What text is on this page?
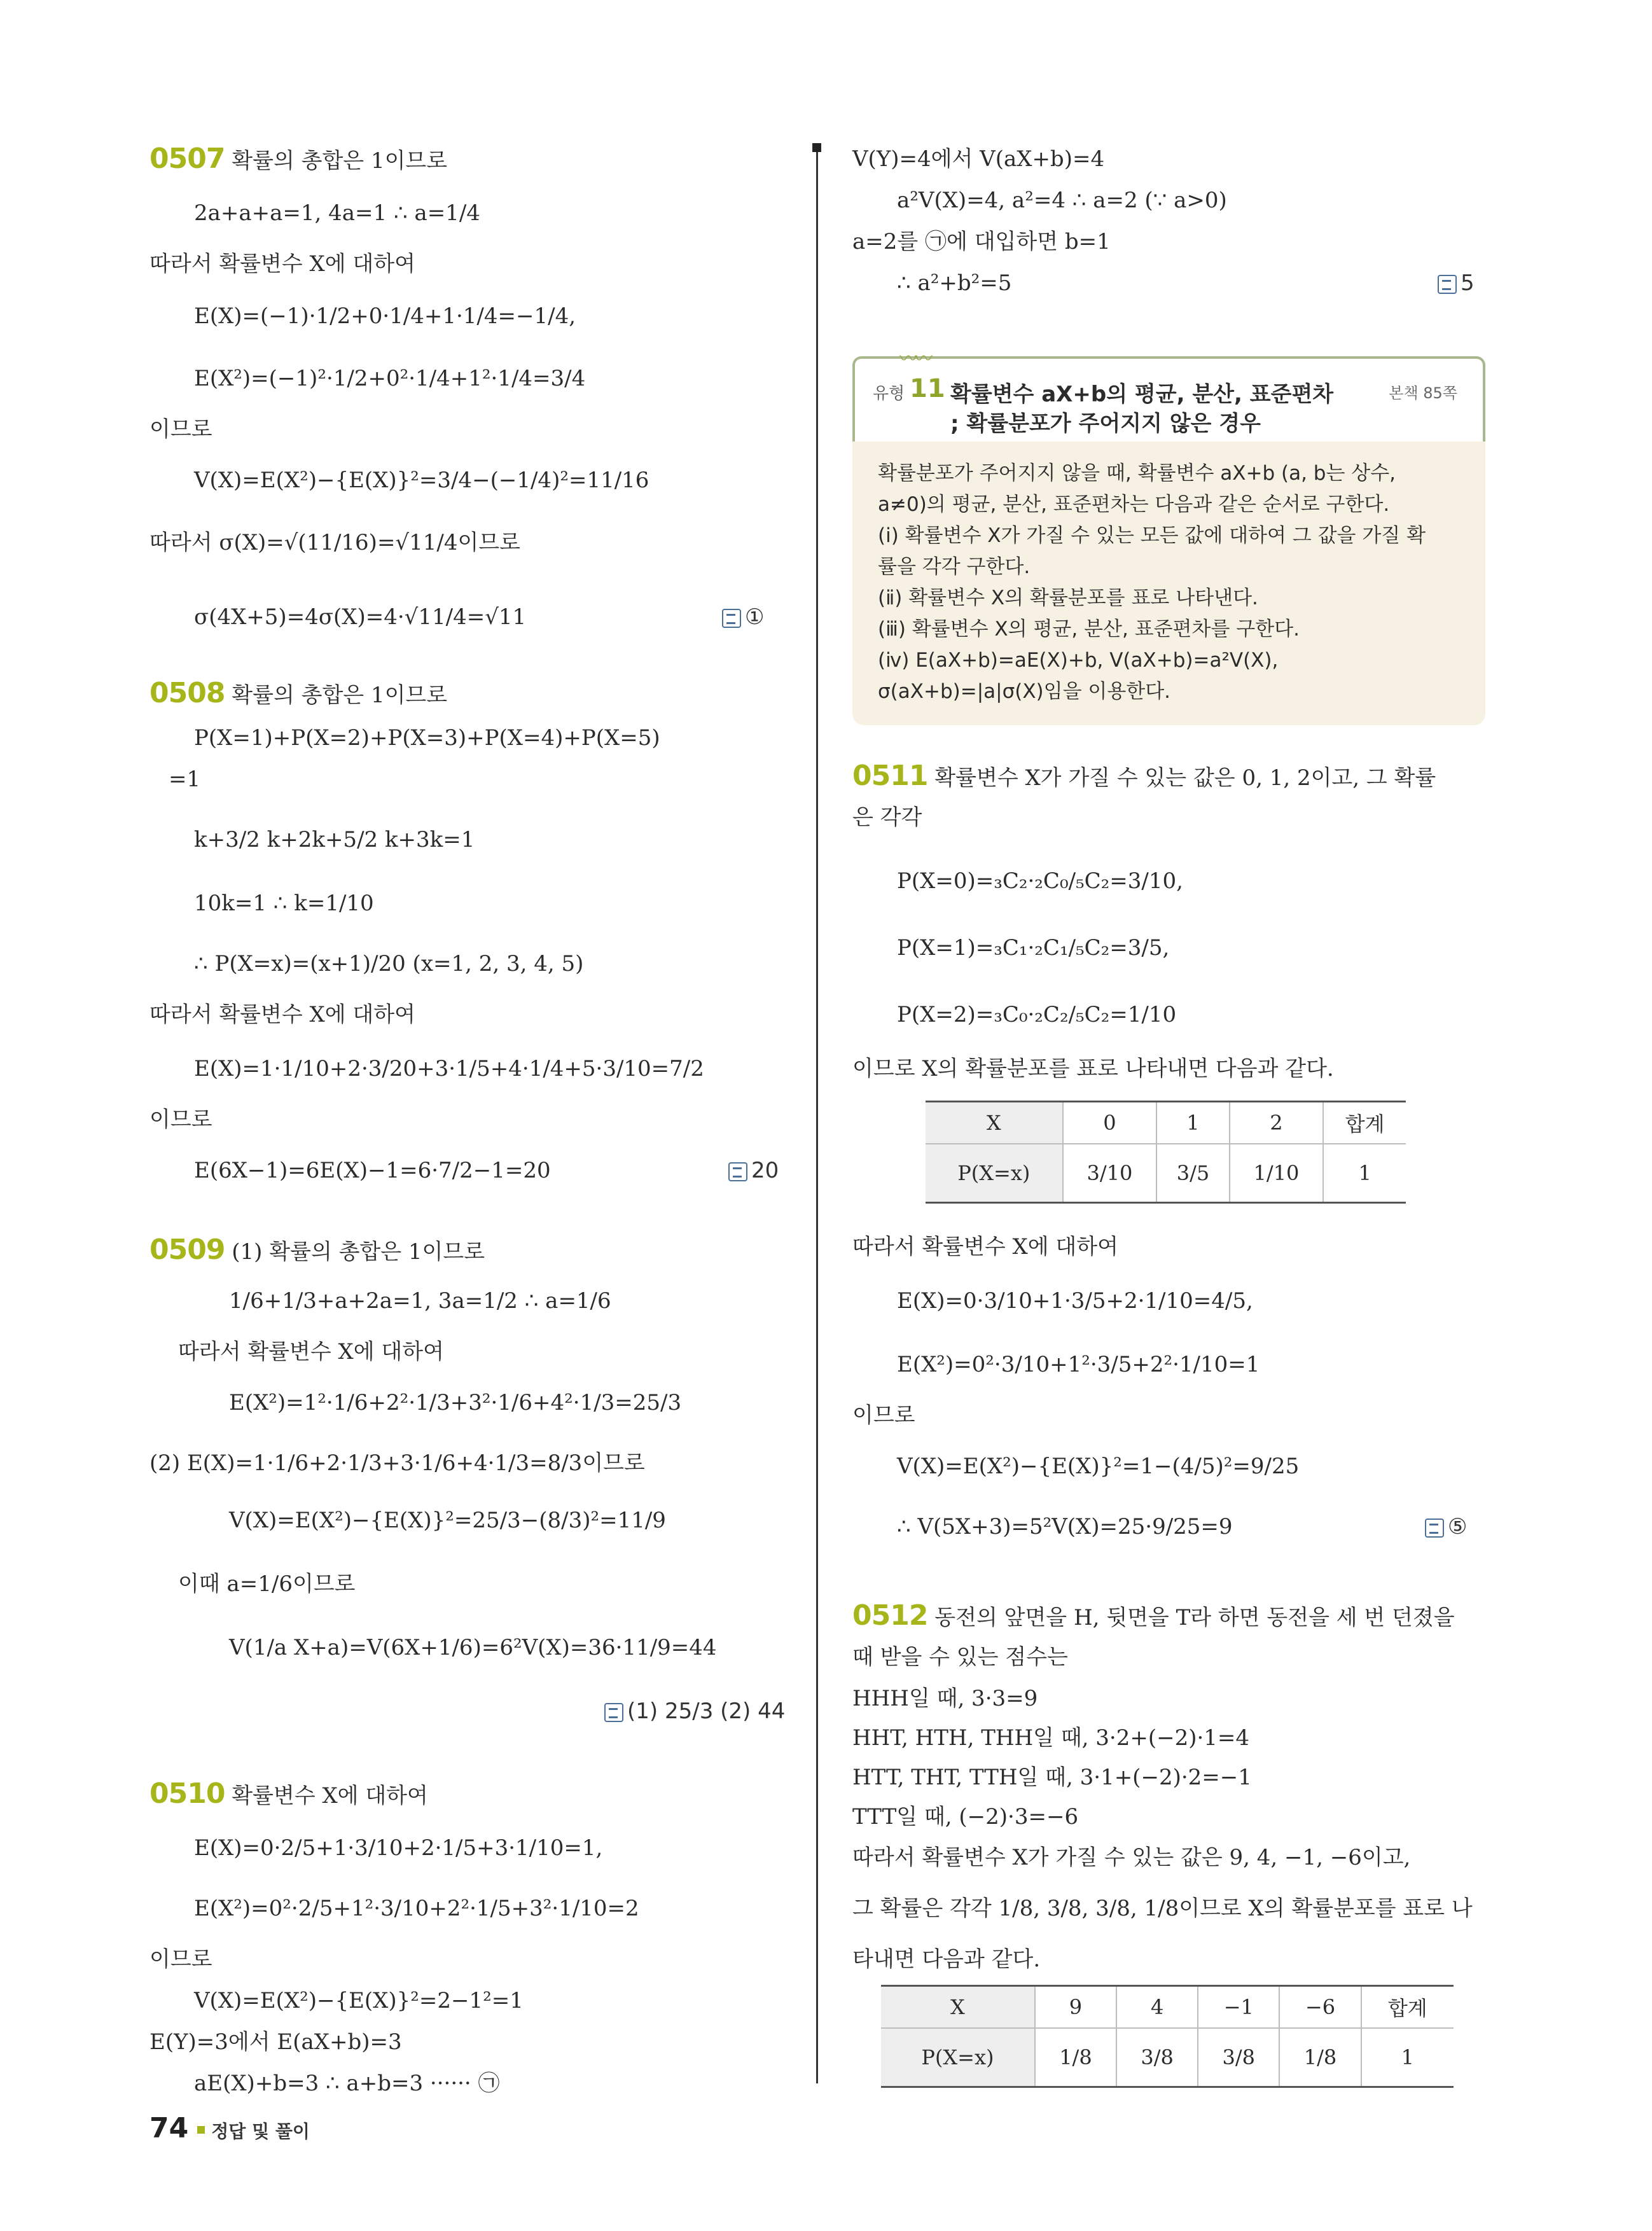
0507 확률의 총합은 1이므로
2a+a+a=1, 4a=1 ∴ a=1/4
따라서 확률변수 X에 대하여
E(X)=(−1)·1/2+0·1/4+1·1/4=−1/4,
E(X²)=(−1)²·1/2+0²·1/4+1²·1/4=3/4
이므로
V(X)=E(X²)−{E(X)}²=3/4−(−1/4)²=11/16
따라서 σ(X)=√(11/16)=√11/4이므로
σ(4X+5)=4σ(X)=4·√11/4=√11	①
0508 확률의 총합은 1이므로
P(X=1)+P(X=2)+P(X=3)+P(X=4)+P(X=5)
=1
k+3/2 k+2k+5/2 k+3k=1
10k=1 ∴ k=1/10
∴ P(X=x)=(x+1)/20 (x=1, 2, 3, 4, 5)
따라서 확률변수 X에 대하여
E(X)=1·1/10+2·3/20+3·1/5+4·1/4+5·3/10=7/2
이므로
E(6X−1)=6E(X)−1=6·7/2−1=20	20
0509 (1) 확률의 총합은 1이므로
1/6+1/3+a+2a=1, 3a=1/2 ∴ a=1/6
따라서 확률변수 X에 대하여
E(X²)=1²·1/6+2²·1/3+3²·1/6+4²·1/3=25/3
(2) E(X)=1·1/6+2·1/3+3·1/6+4·1/3=8/3이므로
V(X)=E(X²)−{E(X)}²=25/3−(8/3)²=11/9
이때 a=1/6이므로
V(1/a X+a)=V(6X+1/6)=6²V(X)=36·11/9=44
(1) 25/3 (2) 44
0510 확률변수 X에 대하여
E(X)=0·2/5+1·3/10+2·1/5+3·1/10=1,
E(X²)=0²·2/5+1²·3/10+2²·1/5+3²·1/10=2
이므로
V(X)=E(X²)−{E(X)}²=2−1²=1
E(Y)=3에서 E(aX+b)=3
aE(X)+b=3 ∴ a+b=3 ······ ㉠
V(Y)=4에서 V(aX+b)=4
a²V(X)=4, a²=4 ∴ a=2 (∵ a>0)
a=2를 ㉠에 대입하면 b=1
∴ a²+b²=5	5
〰〰
유형 11 확률변수 aX+b의 평균, 분산, 표준편차
; 확률분포가 주어지지 않은 경우
본책 85쪽
확률분포가 주어지지 않을 때, 확률변수 aX+b (a, b는 상수,
a≠0)의 평균, 분산, 표준편차는 다음과 같은 순서로 구한다.
(ⅰ) 확률변수 X가 가질 수 있는 모든 값에 대하여 그 값을 가질 확
률을 각각 구한다.
(ⅱ) 확률변수 X의 확률분포를 표로 나타낸다.
(ⅲ) 확률변수 X의 평균, 분산, 표준편차를 구한다.
(ⅳ) E(aX+b)=aE(X)+b, V(aX+b)=a²V(X),
σ(aX+b)=|a|σ(X)임을 이용한다.
0511 확률변수 X가 가질 수 있는 값은 0, 1, 2이고, 그 확률
은 각각
P(X=0)=₃C₂·₂C₀/₅C₂=3/10,
P(X=1)=₃C₁·₂C₁/₅C₂=3/5,
P(X=2)=₃C₀·₂C₂/₅C₂=1/10
이므로 X의 확률분포를 표로 나타내면 다음과 같다.
X	0	1	2	합계
P(X=x)	3/10	3/5	1/10	1
따라서 확률변수 X에 대하여
E(X)=0·3/10+1·3/5+2·1/10=4/5,
E(X²)=0²·3/10+1²·3/5+2²·1/10=1
이므로
V(X)=E(X²)−{E(X)}²=1−(4/5)²=9/25
∴ V(5X+3)=5²V(X)=25·9/25=9	⑤
0512 동전의 앞면을 H, 뒷면을 T라 하면 동전을 세 번 던졌을
때 받을 수 있는 점수는
HHH일 때, 3·3=9
HHT, HTH, THH일 때, 3·2+(−2)·1=4
HTT, THT, TTH일 때, 3·1+(−2)·2=−1
TTT일 때, (−2)·3=−6
따라서 확률변수 X가 가질 수 있는 값은 9, 4, −1, −6이고,
그 확률은 각각 1/8, 3/8, 3/8, 1/8이므로 X의 확률분포를 표로 나
타내면 다음과 같다.
X	9	4	−1	−6	합계
P(X=x)	1/8	3/8	3/8	1/8	1
74 정답 및 풀이
